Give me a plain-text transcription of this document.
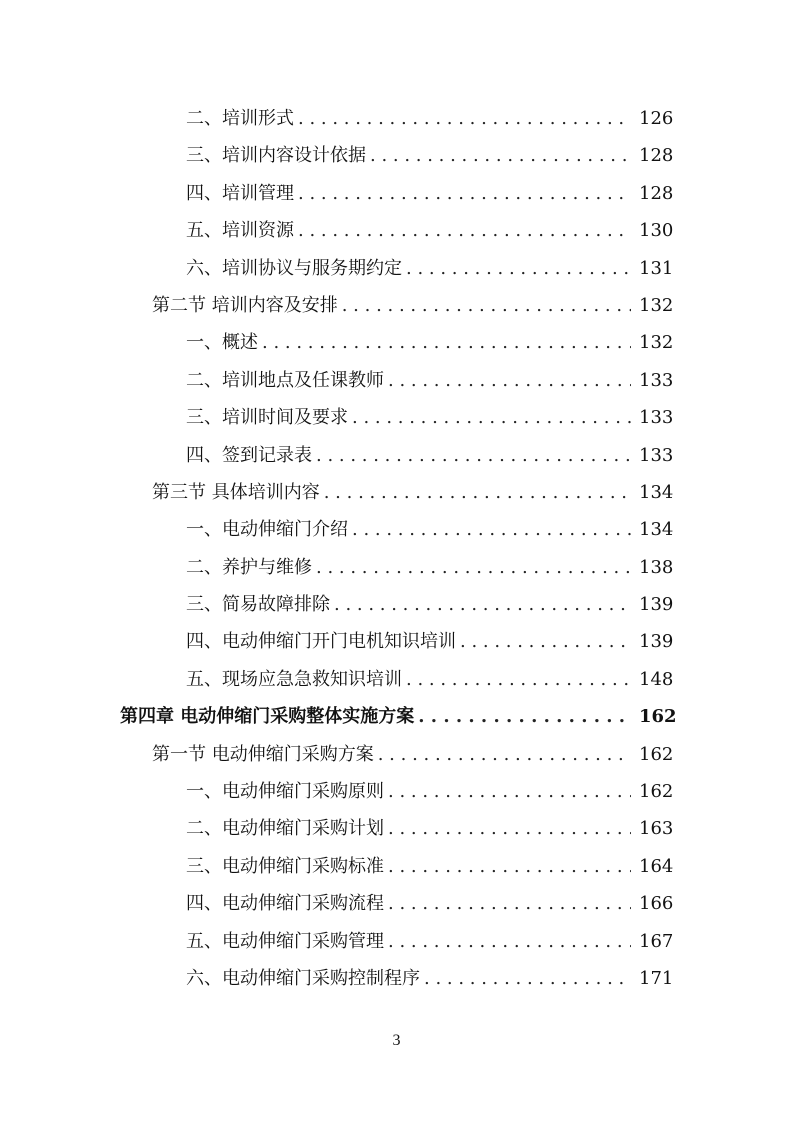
二、培训形式 . . .	126
三、培训内容设计依据 . . .	128
四、培训管理 . . .	128
五、培训资源 . . .	130
六、培训协议与服务期约定 . . .	131
第二节 培训内容及安排 . . .	132
一、概述 . . .	132
二、培训地点及任课教师 . . .	133
三、培训时间及要求 . . .	133
四、签到记录表 . . .	133
第三节 具体培训内容 . . .	134
一、电动伸缩门介绍 . . .	134
二、养护与维修 . . .	138
三、简易故障排除 . . .	139
四、电动伸缩门开门电机知识培训 . . .	139
五、现场应急急救知识培训 . . .	148
第四章 电动伸缩门采购整体实施方案 . . .	162
第一节 电动伸缩门采购方案 . . .	162
一、电动伸缩门采购原则 . . .	162
二、电动伸缩门采购计划 . . .	163
三、电动伸缩门采购标准 . . .	164
四、电动伸缩门采购流程 . . .	166
五、电动伸缩门采购管理 . . .	167
六、电动伸缩门采购控制程序 . . .	171
3
